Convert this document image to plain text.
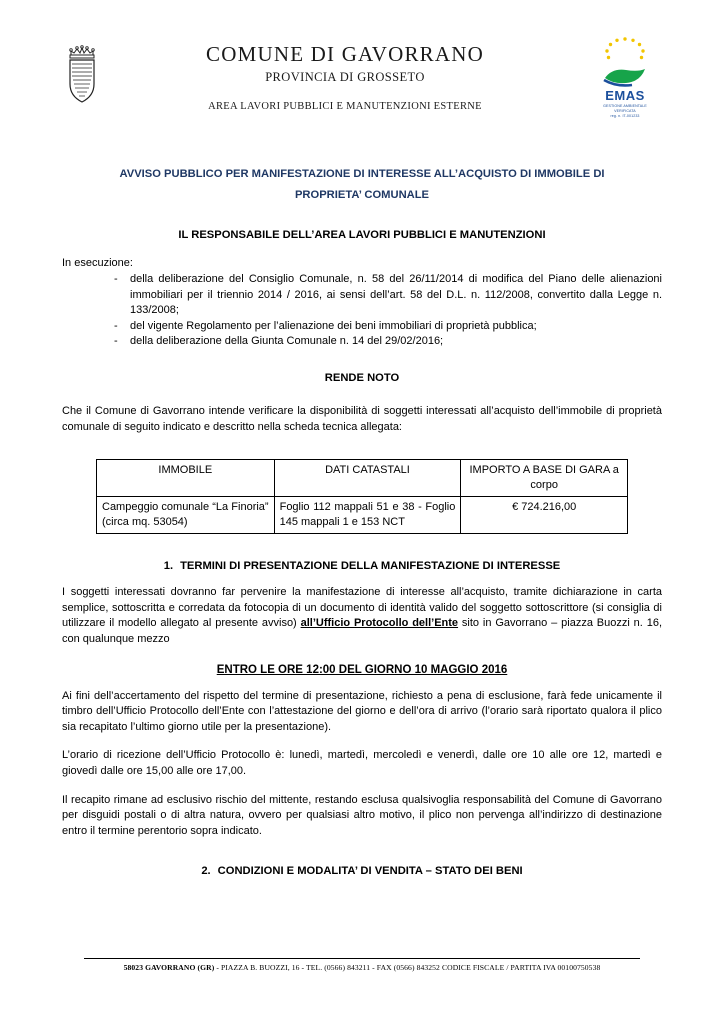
COMUNE DI GAVORRANO
PROVINCIA DI GROSSETO
AREA LAVORI PUBBLICI E MANUTENZIONI ESTERNE
EMAS
GESTIONE AMBIENTALE
VERIFICATA
reg. n. IT-001233
AVVISO PUBBLICO PER MANIFESTAZIONE DI INTERESSE ALL’ACQUISTO DI IMMOBILE DI
PROPRIETA’ COMUNALE
IL RESPONSABILE DELL’AREA LAVORI PUBBLICI E MANUTENZIONI
In esecuzione:
- della deliberazione del Consiglio Comunale, n. 58 del 26/11/2014 di modifica del Piano delle alienazioni immobiliari per il triennio 2014 / 2016, ai sensi dell’art. 58 del D.L. n. 112/2008, convertito dalla Legge n. 133/2008;
- del vigente Regolamento per l’alienazione dei beni immobiliari di proprietà pubblica;
- della deliberazione della Giunta Comunale n. 14 del 29/02/2016;
RENDE NOTO
Che il Comune di Gavorrano intende verificare la disponibilità di soggetti interessati all’acquisto dell’immobile di proprietà comunale di seguito indicato e descritto nella scheda tecnica allegata:
IMMOBILE	DATI CATASTALI	IMPORTO A BASE DI GARA a corpo
Campeggio comunale “La Finoria” (circa mq. 53054)	Foglio 112 mappali 51 e 38 - Foglio 145 mappali 1 e 153 NCT	€ 724.216,00
1. TERMINI DI PRESENTAZIONE DELLA MANIFESTAZIONE DI INTERESSE
I soggetti interessati dovranno far pervenire la manifestazione di interesse all’acquisto, tramite dichiarazione in carta semplice, sottoscritta e corredata da fotocopia di un documento di identità valido del soggetto sottoscrittore (si consiglia di utilizzare il modello allegato al presente avviso) all’Ufficio Protocollo dell’Ente sito in Gavorrano – piazza Buozzi n. 16, con qualunque mezzo
ENTRO LE ORE 12:00 DEL GIORNO 10 MAGGIO 2016
Ai fini dell’accertamento del rispetto del termine di presentazione, richiesto a pena di esclusione, farà fede unicamente il timbro dell’Ufficio Protocollo dell’Ente con l’attestazione del giorno e dell’ora di arrivo (l’orario sarà riportato qualora il plico sia recapitato l’ultimo giorno utile per la presentazione).
L’orario di ricezione dell’Ufficio Protocollo è: lunedì, martedì, mercoledì e venerdì, dalle ore 10 alle ore 12, martedì e giovedì dalle ore 15,00 alle ore 17,00.
Il recapito rimane ad esclusivo rischio del mittente, restando esclusa qualsivoglia responsabilità del Comune di Gavorrano per disguidi postali o di altra natura, ovvero per qualsiasi altro motivo, il plico non pervenga all’indirizzo di destinazione entro il termine perentorio sopra indicato.
2. CONDIZIONI E MODALITA’ DI VENDITA – STATO DEI BENI
58023 GAVORRANO (GR) - PIAZZA B. BUOZZI, 16 - TEL. (0566) 843211 - FAX (0566) 843252 CODICE FISCALE / PARTITA IVA 00100750538
